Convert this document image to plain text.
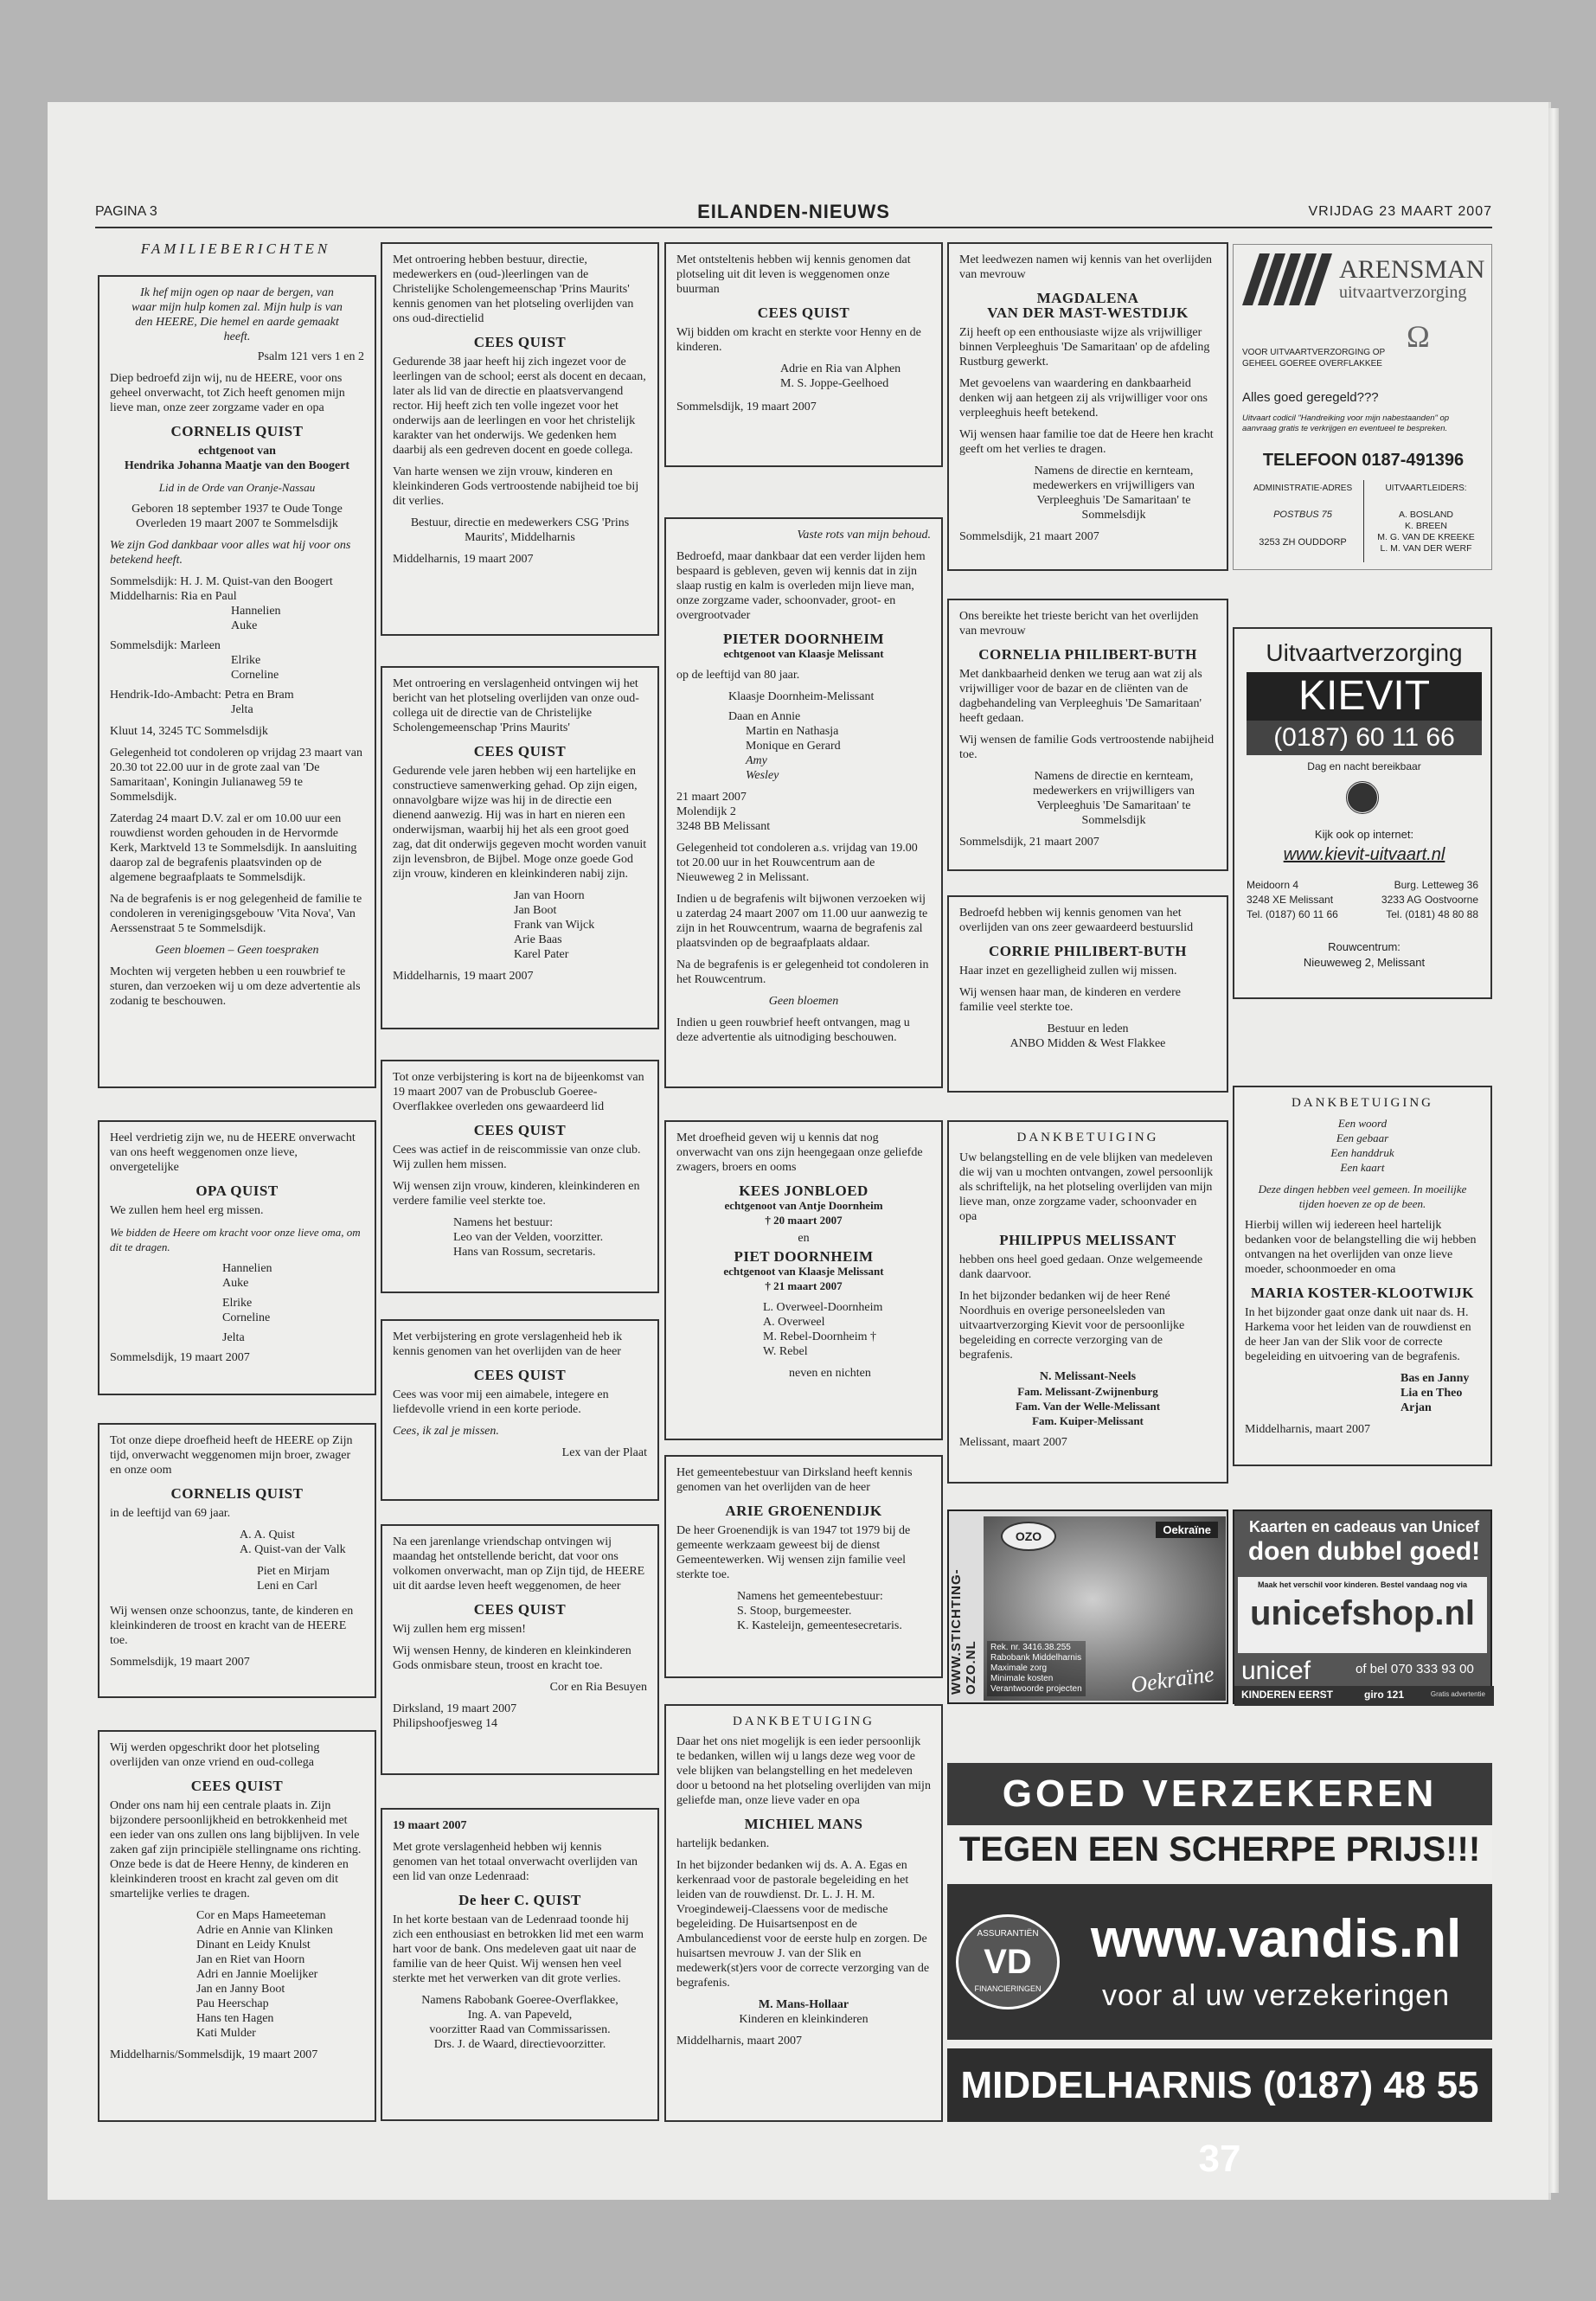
PAGINA 3	EILANDEN-NIEUWS	VRIJDAG 23 MAART 2007
FAMILIEBERICHTEN

Ik hef mijn ogen op naar de bergen, van waar mijn hulp komen zal. Mijn hulp is van den HEERE, Die hemel en aarde gemaakt heeft.

Psalm 121 vers 1 en 2

Diep bedroefd zijn wij, nu de HEERE, voor ons geheel onverwacht, tot Zich heeft genomen mijn lieve man, onze zeer zorgzame vader en opa

CORNELIS QUIST

echtgenoot van

Hendrika Johanna Maatje van den Boogert

Lid in de Orde van Oranje-Nassau

Geboren 18 september 1937 te Oude Tonge

Overleden 19 maart 2007 te Sommelsdijk

We zijn God dankbaar voor alles wat hij voor ons betekend heeft.

Sommelsdijk: H. J. M. Quist-van den Boogert
Middelharnis: Ria en Paul
Hannelien
Auke
Sommelsdijk: Marleen
Elrike
Corneline
Hendrik-Ido-Ambacht: Petra en Bram
Jelta

Kluut 14, 3245 TC Sommelsdijk

Gelegenheid tot condoleren op vrijdag 23 maart van 20.30 tot 22.00 uur in de grote zaal van 'De Samaritaan', Koningin Julianaweg 59 te Sommelsdijk.

Zaterdag 24 maart D.V. zal er om 10.00 uur een rouwdienst worden gehouden in de Hervormde Kerk, Marktveld 13 te Sommelsdijk. In aansluiting daarop zal de begrafenis plaatsvinden op de algemene begraafplaats te Sommelsdijk.

Na de begrafenis is er nog gelegenheid de familie te condoleren in verenigingsgebouw 'Vita Nova', Van Aerssenstraat 5 te Sommelsdijk.

Geen bloemen – Geen toespraken

Mochten wij vergeten hebben u een rouwbrief te sturen, dan verzoeken wij u om deze advertentie als zodanig te beschouwen.

Heel verdrietig zijn we, nu de HEERE onverwacht van ons heeft weggenomen onze lieve, onvergetelijke

OPA QUIST

We zullen hem heel erg missen.

We bidden de Heere om kracht voor onze lieve oma, om dit te dragen.

Hannelien
Auke
Elrike
Corneline
Jelta

Sommelsdijk, 19 maart 2007

Tot onze diepe droefheid heeft de HEERE op Zijn tijd, onverwacht weggenomen mijn broer, zwager en onze oom

CORNELIS QUIST

in de leeftijd van 69 jaar.

A. A. Quist
A. Quist-van der Valk
Piet en Mirjam
Leni en Carl

Wij wensen onze schoonzus, tante, de kinderen en kleinkinderen de troost en kracht van de HEERE toe.

Sommelsdijk, 19 maart 2007

Wij werden opgeschrikt door het plotseling overlijden van onze vriend en oud-collega

CEES QUIST

Onder ons nam hij een centrale plaats in. Zijn bijzondere persoonlijkheid en betrokkenheid met een ieder van ons zullen ons lang bijblijven. In vele zaken gaf zijn principiële stellingname ons richting. Onze bede is dat de Heere Henny, de kinderen en kleinkinderen troost en kracht zal geven om dit smartelijke verlies te dragen.

Cor en Maps Hameeteman
Adrie en Annie van Klinken
Dinant en Leidy Knulst
Jan en Riet van Hoorn
Adri en Jannie Moelijker
Jan en Janny Boot
Pau Heerschap
Hans ten Hagen
Kati Mulder

Middelharnis/Sommelsdijk, 19 maart 2007

Met ontroering hebben bestuur, directie, medewerkers en (oud-)leerlingen van de Christelijke Scholengemeenschap 'Prins Maurits' kennis genomen van het plotseling overlijden van ons oud-directielid

CEES QUIST

Gedurende 38 jaar heeft hij zich ingezet voor de leerlingen van de school; eerst als docent en decaan, later als lid van de directie en plaatsvervangend rector. Hij heeft zich ten volle ingezet voor het onderwijs aan de leerlingen en voor het christelijk karakter van het onderwijs. We gedenken hem daarbij als een gedreven docent en goede collega.

Van harte wensen we zijn vrouw, kinderen en kleinkinderen Gods vertroostende nabijheid toe bij dit verlies.

Bestuur, directie en medewerkers CSG 'Prins Maurits', Middelharnis

Middelharnis, 19 maart 2007

Met ontroering en verslagenheid ontvingen wij het bericht van het plotseling overlijden van onze oud-collega uit de directie van de Christelijke Scholengemeenschap 'Prins Maurits'

CEES QUIST

Gedurende vele jaren hebben wij een hartelijke en constructieve samenwerking gehad. Op zijn eigen, onnavolgbare wijze was hij in de directie een dienend aanwezig. Hij was in hart en nieren een onderwijsman, waarbij hij het als een groot goed zag, dat dit onderwijs gegeven mocht worden vanuit zijn levensbron, de Bijbel. Moge onze goede God zijn vrouw, kinderen en kleinkinderen nabij zijn.

Jan van Hoorn
Jan Boot
Frank van Wijck
Arie Baas
Karel Pater

Middelharnis, 19 maart 2007

Tot onze verbijstering is kort na de bijeenkomst van 19 maart 2007 van de Probusclub Goeree-Overflakkee overleden ons gewaardeerd lid

CEES QUIST

Cees was actief in de reiscommissie van onze club. Wij zullen hem missen.

Wij wensen zijn vrouw, kinderen, kleinkinderen en verdere familie veel sterkte toe.

Namens het bestuur:
Leo van der Velden, voorzitter.
Hans van Rossum, secretaris.

Met verbijstering en grote verslagenheid heb ik kennis genomen van het overlijden van de heer

CEES QUIST

Cees was voor mij een aimabele, integere en liefdevolle vriend in een korte periode.

Cees, ik zal je missen.

Lex van der Plaat

Na een jarenlange vriendschap ontvingen wij maandag het ontstellende bericht, dat voor ons volkomen onverwacht, man op Zijn tijd, de HEERE uit dit aardse leven heeft weggenomen, de heer

CEES QUIST

Wij zullen hem erg missen!

Wij wensen Henny, de kinderen en kleinkinderen Gods onmisbare steun, troost en kracht toe.

Cor en Ria Besuyen

Dirksland, 19 maart 2007

Philipshoofjesweg 14

19 maart 2007

Met grote verslagenheid hebben wij kennis genomen van het totaal onverwacht overlijden van een lid van onze Ledenraad:

De heer C. QUIST

In het korte bestaan van de Ledenraad toonde hij zich een enthousiast en betrokken lid met een warm hart voor de bank. Ons medeleven gaat uit naar de familie van de heer Quist. Wij wensen hen veel sterkte met het verwerken van dit grote verlies.

Namens Rabobank Goeree-Overflakkee,
Ing. A. van Papeveld,
voorzitter Raad van Commissarissen.
Drs. J. de Waard, directievoorzitter.

Met ontsteltenis hebben wij kennis genomen dat plotseling uit dit leven is weggenomen onze buurman

CEES QUIST

Wij bidden om kracht en sterkte voor Henny en de kinderen.

Adrie en Ria van Alphen
M. S. Joppe-Geelhoed

Sommelsdijk, 19 maart 2007

Vaste rots van mijn behoud.

Bedroefd, maar dankbaar dat een verder lijden hem bespaard is gebleven, geven wij kennis dat in zijn slaap rustig en kalm is overleden mijn lieve man, onze zorgzame vader, schoonvader, groot- en overgrootvader

PIETER DOORNHEIM

echtgenoot van Klaasje Melissant

op de leeftijd van 80 jaar.

Klaasje Doornheim-Melissant
Daan en Annie
Martin en Nathasja
Monique en Gerard
Amy
Wesley
21 maart 2007
Molendijk 2
3248 BB Melissant

Gelegenheid tot condoleren a.s. vrijdag van 19.00 tot 20.00 uur in het Rouwcentrum aan de Nieuweweg 2 in Melissant.

Indien u de begrafenis wilt bijwonen verzoeken wij u zaterdag 24 maart 2007 om 11.00 uur aanwezig te zijn in het Rouwcentrum, waarna de begrafenis zal plaatsvinden op de begraafplaats aldaar.

Na de begrafenis is er gelegenheid tot condoleren in het Rouwcentrum.

Geen bloemen

Indien u geen rouwbrief heeft ontvangen, mag u deze advertentie als uitnodiging beschouwen.

Met droefheid geven wij u kennis dat nog onverwacht van ons zijn heengegaan onze geliefde zwagers, broers en ooms

KEES JONBLOED

echtgenoot van Antje Doornheim

† 20 maart 2007

en

PIET DOORNHEIM

echtgenoot van Klaasje Melissant

† 21 maart 2007

L. Overweel-Doornheim
A. Overweel
M. Rebel-Doornheim †
W. Rebel
neven en nichten

Het gemeentebestuur van Dirksland heeft kennis genomen van het overlijden van de heer

ARIE GROENENDIJK

De heer Groenendijk is van 1947 tot 1979 bij de gemeente werkzaam geweest bij de dienst Gemeentewerken. Wij wensen zijn familie veel sterkte toe.

Namens het gemeentebestuur:
S. Stoop, burgemeester.
K. Kasteleijn, gemeentesecretaris.
DANKBETUIGING

Daar het ons niet mogelijk is een ieder persoonlijk te bedanken, willen wij u langs deze weg voor de vele blijken van belangstelling en het medeleven door u betoond na het plotseling overlijden van mijn geliefde man, onze lieve vader en opa

MICHIEL MANS

hartelijk bedanken.

In het bijzonder bedanken wij ds. A. A. Egas en kerkenraad voor de pastorale begeleiding en het leiden van de rouwdienst. Dr. L. J. H. M. Vroegindeweij-Claessens voor de medische begeleiding. De Huisartsenpost en de Ambulancedienst voor de eerste hulp en zorgen. De huisartsen mevrouw J. van der Slik en medewerk(st)ers voor de correcte verzorging van de begrafenis.

M. Mans-Hollaar

Kinderen en kleinkinderen

Middelharnis, maart 2007

Met leedwezen namen wij kennis van het overlijden van mevrouw

MAGDALENA
VAN DER MAST-WESTDIJK

Zij heeft op een enthousiaste wijze als vrijwilliger binnen Verpleeghuis 'De Samaritaan' op de afdeling Rustburg gewerkt.

Met gevoelens van waardering en dankbaarheid denken wij aan hetgeen zij als vrijwilliger voor ons verpleeghuis heeft betekend.

Wij wensen haar familie toe dat de Heere hen kracht geeft om het verlies te dragen.

Namens de directie en kernteam, medewerkers en vrijwilligers van Verpleeghuis 'De Samaritaan' te Sommelsdijk

Sommelsdijk, 21 maart 2007

Ons bereikte het trieste bericht van het overlijden van mevrouw

CORNELIA PHILIBERT-BUTH

Met dankbaarheid denken we terug aan wat zij als vrijwilliger voor de bazar en de cliënten van de dagbehandeling van Verpleeghuis 'De Samaritaan' heeft gedaan.

Wij wensen de familie Gods vertroostende nabijheid toe.

Namens de directie en kernteam, medewerkers en vrijwilligers van Verpleeghuis 'De Samaritaan' te Sommelsdijk

Sommelsdijk, 21 maart 2007

Bedroefd hebben wij kennis genomen van het overlijden van ons zeer gewaardeerd bestuurslid

CORRIE PHILIBERT-BUTH

Haar inzet en gezelligheid zullen wij missen.

Wij wensen haar man, de kinderen en verdere familie veel sterkte toe.

Bestuur en leden
ANBO Midden & West Flakkee
DANKBETUIGING

Uw belangstelling en de vele blijken van medeleven die wij van u mochten ontvangen, zowel persoonlijk als schriftelijk, na het plotseling overlijden van mijn lieve man, onze zorgzame vader, schoonvader en opa

PHILIPPUS MELISSANT

hebben ons heel goed gedaan. Onze welgemeende dank daarvoor.

In het bijzonder bedanken wij de heer René Noordhuis en overige personeelsleden van uitvaartverzorging Kievit voor de persoonlijke begeleiding en correcte verzorging van de begrafenis.

N. Melissant-Neels
Fam. Melissant-Zwijnenburg
Fam. Van der Welle-Melissant
Fam. Kuiper-Melissant

Melissant, maart 2007

WWW.STICHTING-OZO.NL
OZO	Oekraïne
Rek. nr. 3416.38.255
Rabobank Middelharnis
Maximale zorg
Minimale kosten
Verantwoorde projecten Oekraïne
ARENSMAN
uitvaartverzorging
VOOR UITVAARTVERZORGING OP GEHEEL GOEREE OVERFLAKKEE
Ω
Alles goed geregeld???
Uitvaart codicil "Handreiking voor mijn nabestaanden" op aanvraag gratis te verkrijgen en eventueel te bespreken.
TELEFOON 0187-491396
ADMINISTRATIE-ADRES
POSTBUS 75
3253 ZH OUDDORP
UITVAARTLEIDERS:
A. BOSLAND
K. BREEN
M. G. VAN DE KREEKE
L. M. VAN DER WERF
Uitvaartverzorging
KIEVIT
(0187) 60 11 66
Dag en nacht bereikbaar
Kijk ook op internet:
www.kievit-uitvaart.nl
Meidoorn 4
3248 XE Melissant
Tel. (0187) 60 11 66
Burg. Letteweg 36
3233 AG Oostvoorne
Tel. (0181) 48 80 88
Rouwcentrum:
Nieuweweg 2, Melissant
DANKBETUIGING
Een woord
Een gebaar
Een handdruk
Een kaart

Deze dingen hebben veel gemeen. In moeilijke tijden hoeven ze op de been.

Hierbij willen wij iedereen heel hartelijk bedanken voor de belangstelling die wij hebben ontvangen na het overlijden van onze lieve moeder, schoonmoeder en oma

MARIA KOSTER-KLOOTWIJK

In het bijzonder gaat onze dank uit naar ds. H. Harkema voor het leiden van de rouwdienst en de heer Jan van der Slik voor de correcte begeleiding en uitvoering van de begrafenis.

Bas en Janny
Lia en Theo
Arjan

Middelharnis, maart 2007

Kaarten en cadeaus van Unicef
doen dubbel goed!
Maak het verschil voor kinderen. Bestel vandaag nog via
unicefshop.nl
unicef	of bel 070 333 93 00
KINDEREN EERST	giro 121	Gratis advertentie
GOED VERZEKEREN
TEGEN EEN SCHERPE PRIJS!!!
ASSURANTIËN
VD
FINANCIERINGEN
www.vandis.nl
voor al uw verzekeringen
MIDDELHARNIS (0187) 48 55 37
